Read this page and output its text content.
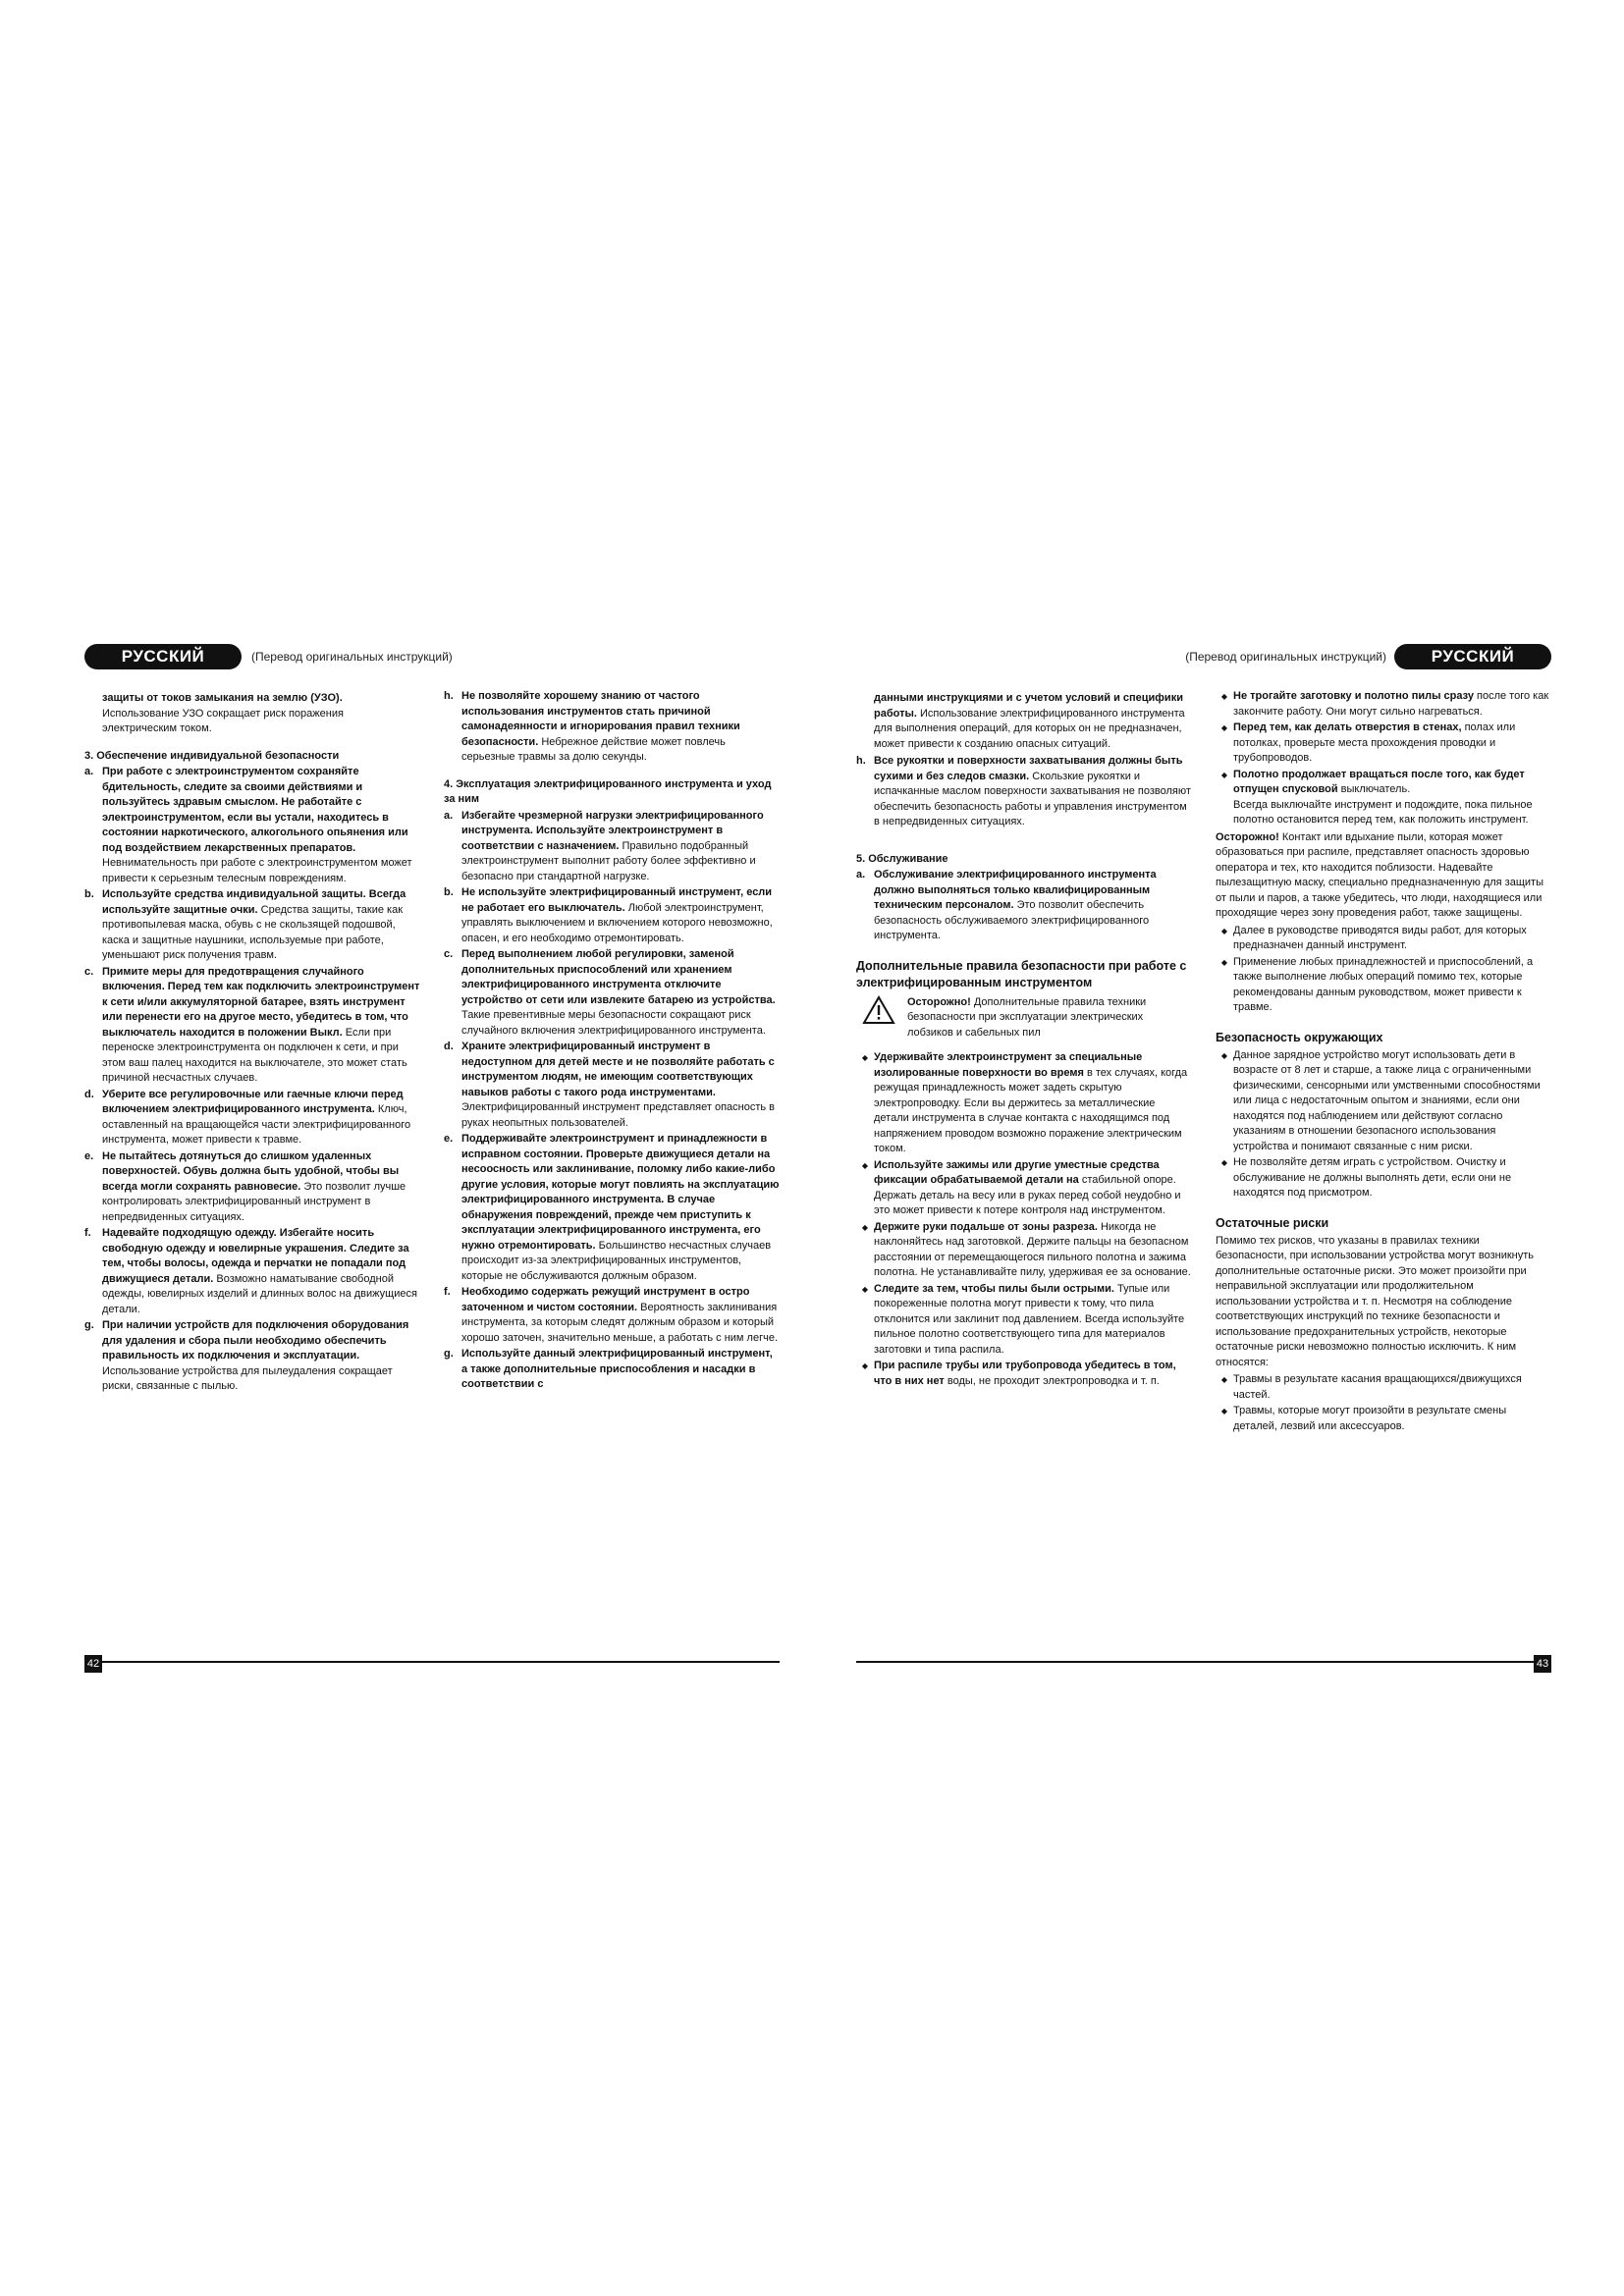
РУССКИЙ	(Перевод оригинальных инструкций)
защиты от токов замыкания на землю (УЗО).
Использование УЗО сокращает риск поражения электрическим током.
3. Обеспечение индивидуальной безопасности
a. При работе с электроинструментом сохраняйте бдительность, следите за своими действиями и пользуйтесь здравым смыслом. Не работайте с электроинструментом, если вы устали, находитесь в состоянии наркотического, алкогольного опьянения или под воздействием лекарственных препаратов. Невнимательность при работе с электроинструментом может привести к серьезным телесным повреждениям.
b. Используйте средства индивидуальной защиты. Всегда используйте защитные очки. Средства защиты, такие как противопылевая маска, обувь с не скользящей подошвой, каска и защитные наушники, используемые при работе, уменьшают риск получения травм.
c. Примите меры для предотвращения случайного включения. Перед тем как подключить электроинструмент к сети и/или аккумуляторной батарее, взять инструмент или перенести его на другое место, убедитесь в том, что выключатель находится в положении Выкл. Если при переноске электроинструмента он подключен к сети, и при этом ваш палец находится на выключателе, это может стать причиной несчастных случаев.
d. Уберите все регулировочные или гаечные ключи перед включением электрифицированного инструмента. Ключ, оставленный на вращающейся части электрифицированного инструмента, может привести к травме.
e. Не пытайтесь дотянуться до слишком удаленных поверхностей. Обувь должна быть удобной, чтобы вы всегда могли сохранять равновесие. Это позволит лучше контролировать электрифицированный инструмент в непредвиденных ситуациях.
f.	Надевайте подходящую одежду. Избегайте носить свободную одежду и ювелирные украшения. Следите за тем, чтобы волосы, одежда и перчатки не попадали под движущиеся детали. Возможно наматывание свободной одежды, ювелирных изделий и длинных волос на движущиеся детали.
g. При наличии устройств для подключения оборудования для удаления и сбора пыли необходимо обеспечить правильность их подключения и эксплуатации. Использование устройства для пылеудаления сокращает риски, связанные с пылью.
h. Не позволяйте хорошему знанию от частого использования инструментов стать причиной самонадеянности и игнорирования правил техники безопасности. Небрежное действие может повлечь серьезные травмы за долю секунды.
4. Эксплуатация электрифицированного инструмента и уход за ним
a. Избегайте чрезмерной нагрузки электрифицированного инструмента. Используйте электроинструмент в соответствии с назначением. Правильно подобранный электроинструмент выполнит работу более эффективно и безопасно при стандартной нагрузке.
b. Не используйте электрифицированный инструмент, если не работает его выключатель. Любой электроинструмент, управлять выключением и включением которого невозможно, опасен, и его необходимо отремонтировать.
c. Перед выполнением любой регулировки, заменой дополнительных приспособлений или хранением электрифицированного инструмента отключите устройство от сети или извлеките батарею из устройства. Такие превентивные меры безопасности сокращают риск случайного включения электрифицированного инструмента.
d. Храните электрифицированный инструмент в недоступном для детей месте и не позволяйте работать с инструментом людям, не имеющим соответствующих навыков работы с такого рода инструментами. Электрифицированный инструмент представляет опасность в руках неопытных пользователей.
e. Поддерживайте электроинструмент и принадлежности в исправном состоянии. Проверьте движущиеся детали на несоосность или заклинивание, поломку либо какие-либо другие условия, которые могут повлиять на эксплуатацию электрифицированного инструмента. В случае обнаружения повреждений, прежде чем приступить к эксплуатации электрифицированного инструмента, его нужно отремонтировать. Большинство несчастных случаев происходит из-за электрифицированных инструментов, которые не обслуживаются должным образом.
f.	Необходимо содержать режущий инструмент в остро заточенном и чистом состоянии. Вероятность заклинивания инструмента, за которым следят должным образом и который хорошо заточен, значительно меньше, а работать с ним легче.
g. Используйте данный электрифицированный инструмент, а также дополнительные приспособления и насадки в соответствии с
42
(Перевод оригинальных инструкций)	РУССКИЙ
данными инструкциями и с учетом условий и специфики работы. Использование электрифицированного инструмента для выполнения операций, для которых он не предназначен, может привести к созданию опасных ситуаций.
h. Все рукоятки и поверхности захватывания должны быть сухими и без следов смазки. Скользкие рукоятки и испачканные маслом поверхности захватывания не позволяют обеспечить безопасность работы и управления инструментом в непредвиденных ситуациях.
5. Обслуживание
a. Обслуживание электрифицированного инструмента должно выполняться только квалифицированным техническим персоналом. Это позволит обеспечить безопасность обслуживаемого электрифицированного инструмента.
Дополнительные правила безопасности при работе с электрифицированным инструментом
Осторожно! Дополнительные правила техники безопасности при эксплуатации электрических лобзиков и сабельных пил
◆ Удерживайте электроинструмент за специальные изолированные поверхности во время в тех случаях, когда режущая принадлежность может задеть скрытую электропроводку. Если вы держитесь за металлические детали инструмента в случае контакта с находящимся под напряжением проводом возможно поражение электрическим током.
◆ Используйте зажимы или другие уместные средства фиксации обрабатываемой детали на стабильной опоре. Держать деталь на весу или в руках перед собой неудобно и это может привести к потере контроля над инструментом.
◆ Держите руки подальше от зоны разреза. Никогда не наклоняйтесь над заготовкой. Держите пальцы на безопасном расстоянии от перемещающегося пильного полотна и зажима полотна. Не устанавливайте пилу, удерживая ее за основание.
◆ Следите за тем, чтобы пилы были острыми. Тупые или покореженные полотна могут привести к тому, что пила отклонится или заклинит под давлением. Всегда используйте пильное полотно соответствующего типа для материалов заготовки и типа распила.
◆ При распиле трубы или трубопровода убедитесь в том, что в них нет воды, не проходит электропроводка и т. п.
◆ Не трогайте заготовку и полотно пилы сразу после того как закончите работу. Они могут сильно нагреваться.
◆ Перед тем, как делать отверстия в стенах, полах или потолках, проверьте места прохождения проводки и трубопроводов.
◆ Полотно продолжает вращаться после того, как будет отпущен спусковой выключатель.
Всегда выключайте инструмент и подождите, пока пильное полотно остановится перед тем, как положить инструмент.
Осторожно! Контакт или вдыхание пыли, которая может образоваться при распиле, представляет опасность здоровью оператора и тех, кто находится поблизости. Надевайте пылезащитную маску, специально предназначенную для защиты от пыли и паров, а также убедитесь, что люди, находящиеся или проходящие через зону проведения работ, также защищены.
◆ Далее в руководстве приводятся виды работ, для которых предназначен данный инструмент.
◆ Применение любых принадлежностей и приспособлений, а также выполнение любых операций помимо тех, которые рекомендованы данным руководством, может привести к травме.
Безопасность окружающих
◆ Данное зарядное устройство могут использовать дети в возрасте от 8 лет и старше, а также лица с ограниченными физическими, сенсорными или умственными способностями или лица с недостаточным опытом и знаниями, если они находятся под наблюдением или действуют согласно указаниям в отношении безопасного использования устройства и понимают связанные с ним риски.
◆ Не позволяйте детям играть с устройством. Очистку и обслуживание не должны выполнять дети, если они не находятся под присмотром.
Остаточные риски
Помимо тех рисков, что указаны в правилах техники безопасности, при использовании устройства могут возникнуть дополнительные остаточные риски. Это может произойти при неправильной эксплуатации или продолжительном использовании устройства и т. п. Несмотря на соблюдение соответствующих инструкций по технике безопасности и использование предохранительных устройств, некоторые остаточные риски невозможно полностью исключить. К ним относятся:
◆ Травмы в результате касания вращающихся/движущихся частей.
◆ Травмы, которые могут произойти в результате смены деталей, лезвий или аксессуаров.
43
